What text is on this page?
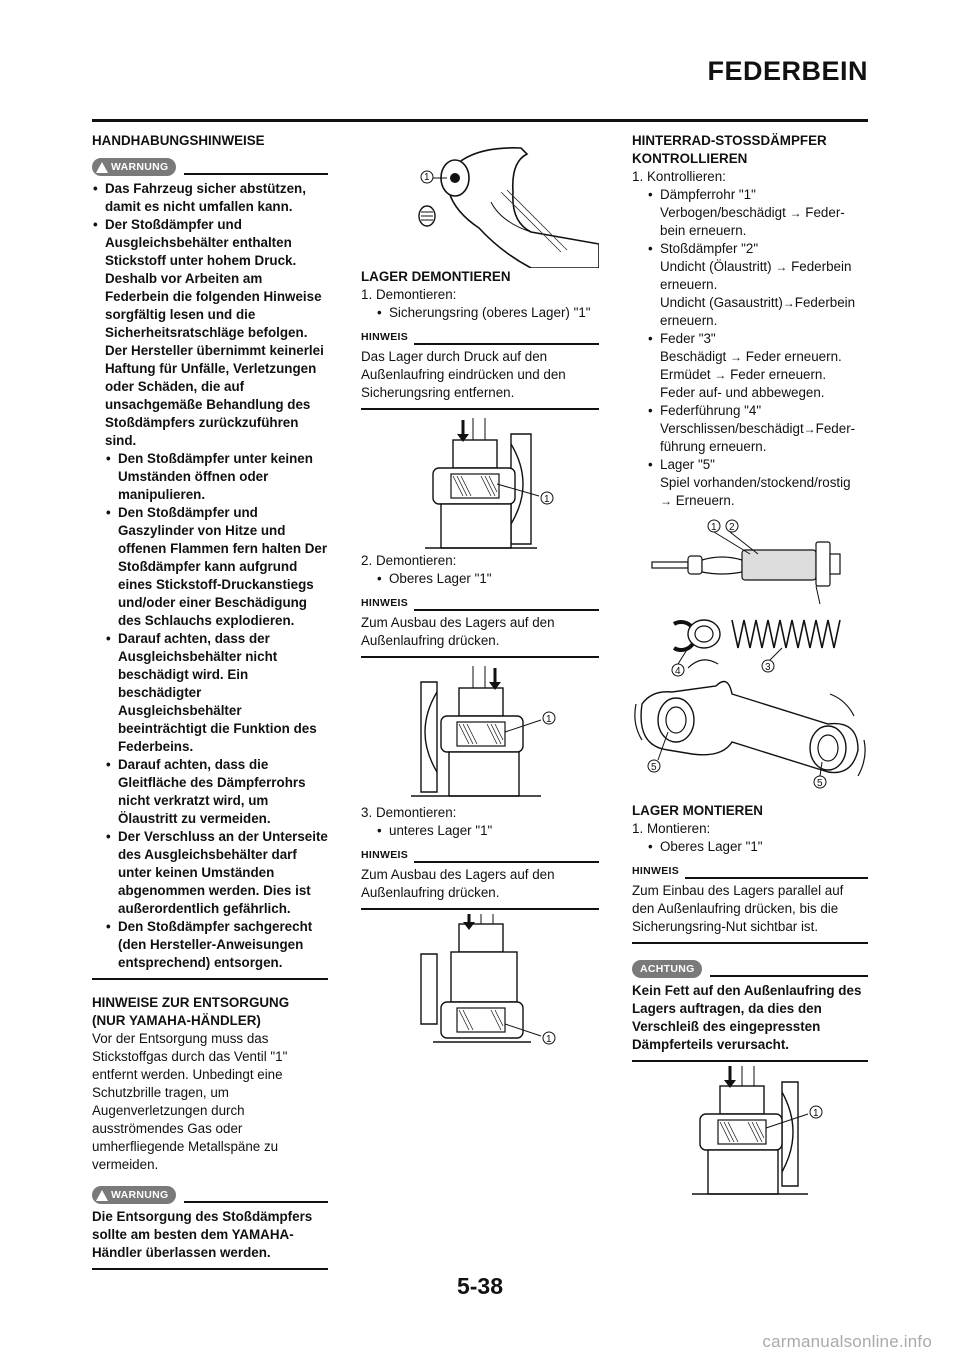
FEDERBEIN
HANDHABUNGSHINWEISE
WARNUNG
• Das Fahrzeug sicher abstützen, damit es nicht umfallen kann.
• Der Stoßdämpfer und Ausgleichsbehälter enthalten Stickstoff unter hohem Druck. Deshalb vor Arbeiten am Federbein die folgenden Hinweise sorgfältig lesen und die Sicherheitsratschläge befolgen. Der Hersteller übernimmt keinerlei Haftung für Unfälle, Verletzungen oder Schäden, die auf unsachgemäße Behandlung des Stoßdämpfers zurückzuführen sind.
• Den Stoßdämpfer unter keinen Umständen öffnen oder manipulieren.
• Den Stoßdämpfer und Gaszylinder von Hitze und offenen Flammen fern halten Der Stoßdämpfer kann aufgrund eines Stickstoff-Druckanstiegs und/oder einer Beschädigung des Schlauchs explodieren.
• Darauf achten, dass der Ausgleichsbehälter nicht beschädigt wird. Ein beschädigter Ausgleichsbehälter beeinträchtigt die Funktion des Federbeins.
• Darauf achten, dass die Gleitfläche des Dämpferrohrs nicht verkratzt wird, um Ölaustritt zu vermeiden.
• Der Verschluss an der Unterseite des Ausgleichsbehälter darf unter keinen Umständen abgenommen werden. Dies ist außerordentlich gefährlich.
• Den Stoßdämpfer sachgerecht (den Hersteller-Anweisungen entsprechend) entsorgen.
HINWEISE ZUR ENTSORGUNG
(NUR YAMAHA-HÄNDLER)
Vor der Entsorgung muss das Stickstoffgas durch das Ventil "1" entfernt werden. Unbedingt eine Schutzbrille tragen, um Augenverletzungen durch ausströmendes Gas oder umherfliegende Metallspäne zu vermeiden.
WARNUNG
Die Entsorgung des Stoßdämpfers sollte am besten dem YAMAHA-Händler überlassen werden.
1
LAGER DEMONTIEREN
1. Demontieren:
• Sicherungsring (oberes Lager) "1"
HINWEIS
Das Lager durch Druck auf den Außenlaufring eindrücken und den Sicherungsring entfernen.
1
2. Demontieren:
• Oberes Lager "1"
HINWEIS
Zum Ausbau des Lagers auf den Außenlaufring drücken.
1
3. Demontieren:
• unteres Lager "1"
HINWEIS
Zum Ausbau des Lagers auf den Außenlaufring drücken.
1
HINTERRAD-STOSSDÄMPFER
KONTROLLIEREN
1. Kontrollieren:
• Dämpferrohr "1"
Verbogen/beschädigt → Feder-bein erneuern.
• Stoßdämpfer "2"
Undicht (Ölaustritt) → Federbein erneuern.
Undicht (Gasaustritt)→Federbein erneuern.
• Feder "3"
Beschädigt → Feder erneuern.
Ermüdet → Feder erneuern.
Feder auf- und abbewegen.
• Federführung "4"
Verschlissen/beschädigt→Feder-führung erneuern.
• Lager "5"
Spiel vorhanden/stockend/rostig
→ Erneuern.
1 2
3
4
5
5
LAGER MONTIEREN
1. Montieren:
• Oberes Lager "1"
HINWEIS
Zum Einbau des Lagers parallel auf den Außenlaufring drücken, bis die Sicherungsring-Nut sichtbar ist.
ACHTUNG
Kein Fett auf den Außenlaufring des Lagers auftragen, da dies den Verschleiß des eingepressten Dämpferteils verursacht.
1
5-38
carmanualsonline.info
